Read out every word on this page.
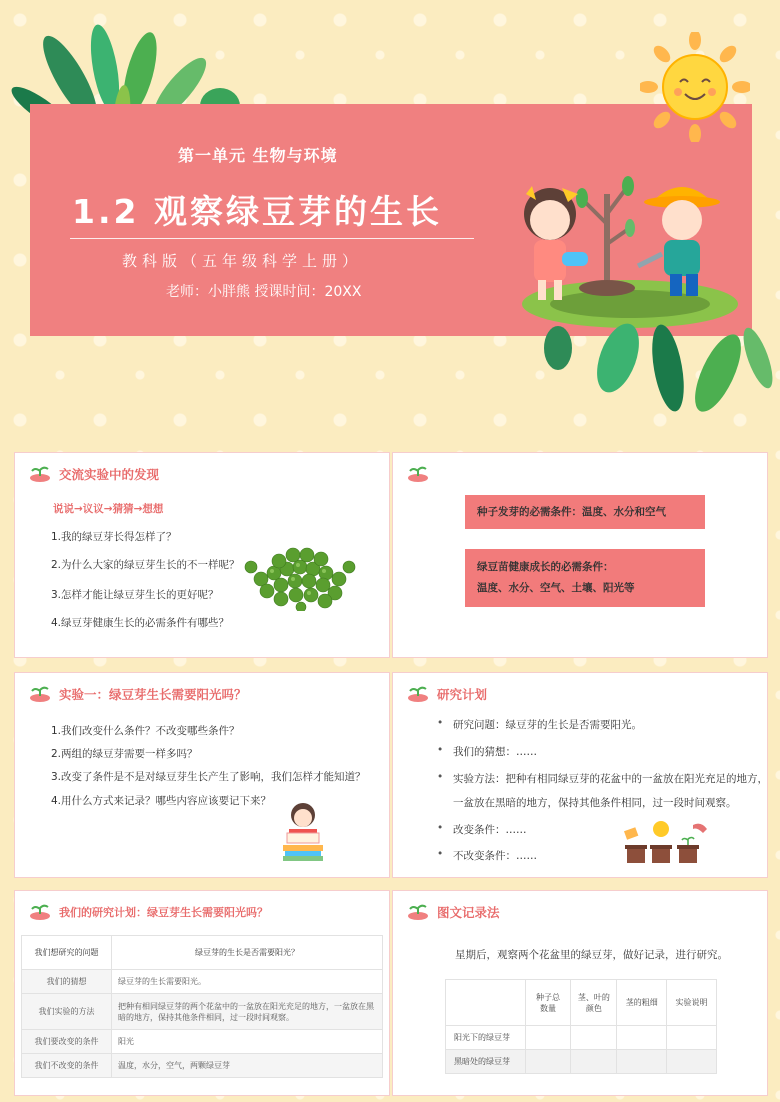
第一单元 生物与环境
1.2 观察绿豆芽的生长
教科版（五年级科学上册）
老师：小胖熊 授课时间：20XX
交流实验中的发现
说说→议议→猜猜→想想
1.我的绿豆芽长得怎样了？
2.为什么大家的绿豆芽生长的不一样呢？
3.怎样才能让绿豆芽生长的更好呢？
4.绿豆芽健康生长的必需条件有哪些？
种子发芽的必需条件：温度、水分和空气
绿豆苗健康成长的必需条件：
温度、水分、空气、土壤、阳光等
实验一：绿豆芽生长需要阳光吗？
1.我们改变什么条件？不改变哪些条件？
2.两组的绿豆芽需要一样多吗？
3.改变了条件是不是对绿豆芽生长产生了影响，我们怎样才能知道？
4.用什么方式来记录？哪些内容应该要记下来？
研究计划
• 研究问题：绿豆芽的生长是否需要阳光。
• 我们的猜想：……
• 实验方法：把种有相同绿豆芽的花盆中的一盆放在阳光充足的地方，
一盆放在黑暗的地方，保持其他条件相同，过一段时间观察。
• 改变条件：……
• 不改变条件：……
我们的研究计划：绿豆芽生长需要阳光吗？
我们想研究的问题	绿豆芽的生长是否需要阳光？
我们的猜想	绿豆芽的生长需要阳光。
我们实验的方法	把种有相同绿豆芽的两个花盆中的一盆放在阳光充足的地方，一盆放在黑暗的地方，保持其他条件相同，过一段时间观察。
我们要改变的条件	阳光
我们不改变的条件	温度，水分，空气，两颗绿豆芽
图文记录法
星期后，观察两个花盆里的绿豆芽，做好记录，进行研究。
	种子总数量	茎、叶的颜色	茎的粗细	实验说明
阳光下的绿豆芽				
黑暗处的绿豆芽				
